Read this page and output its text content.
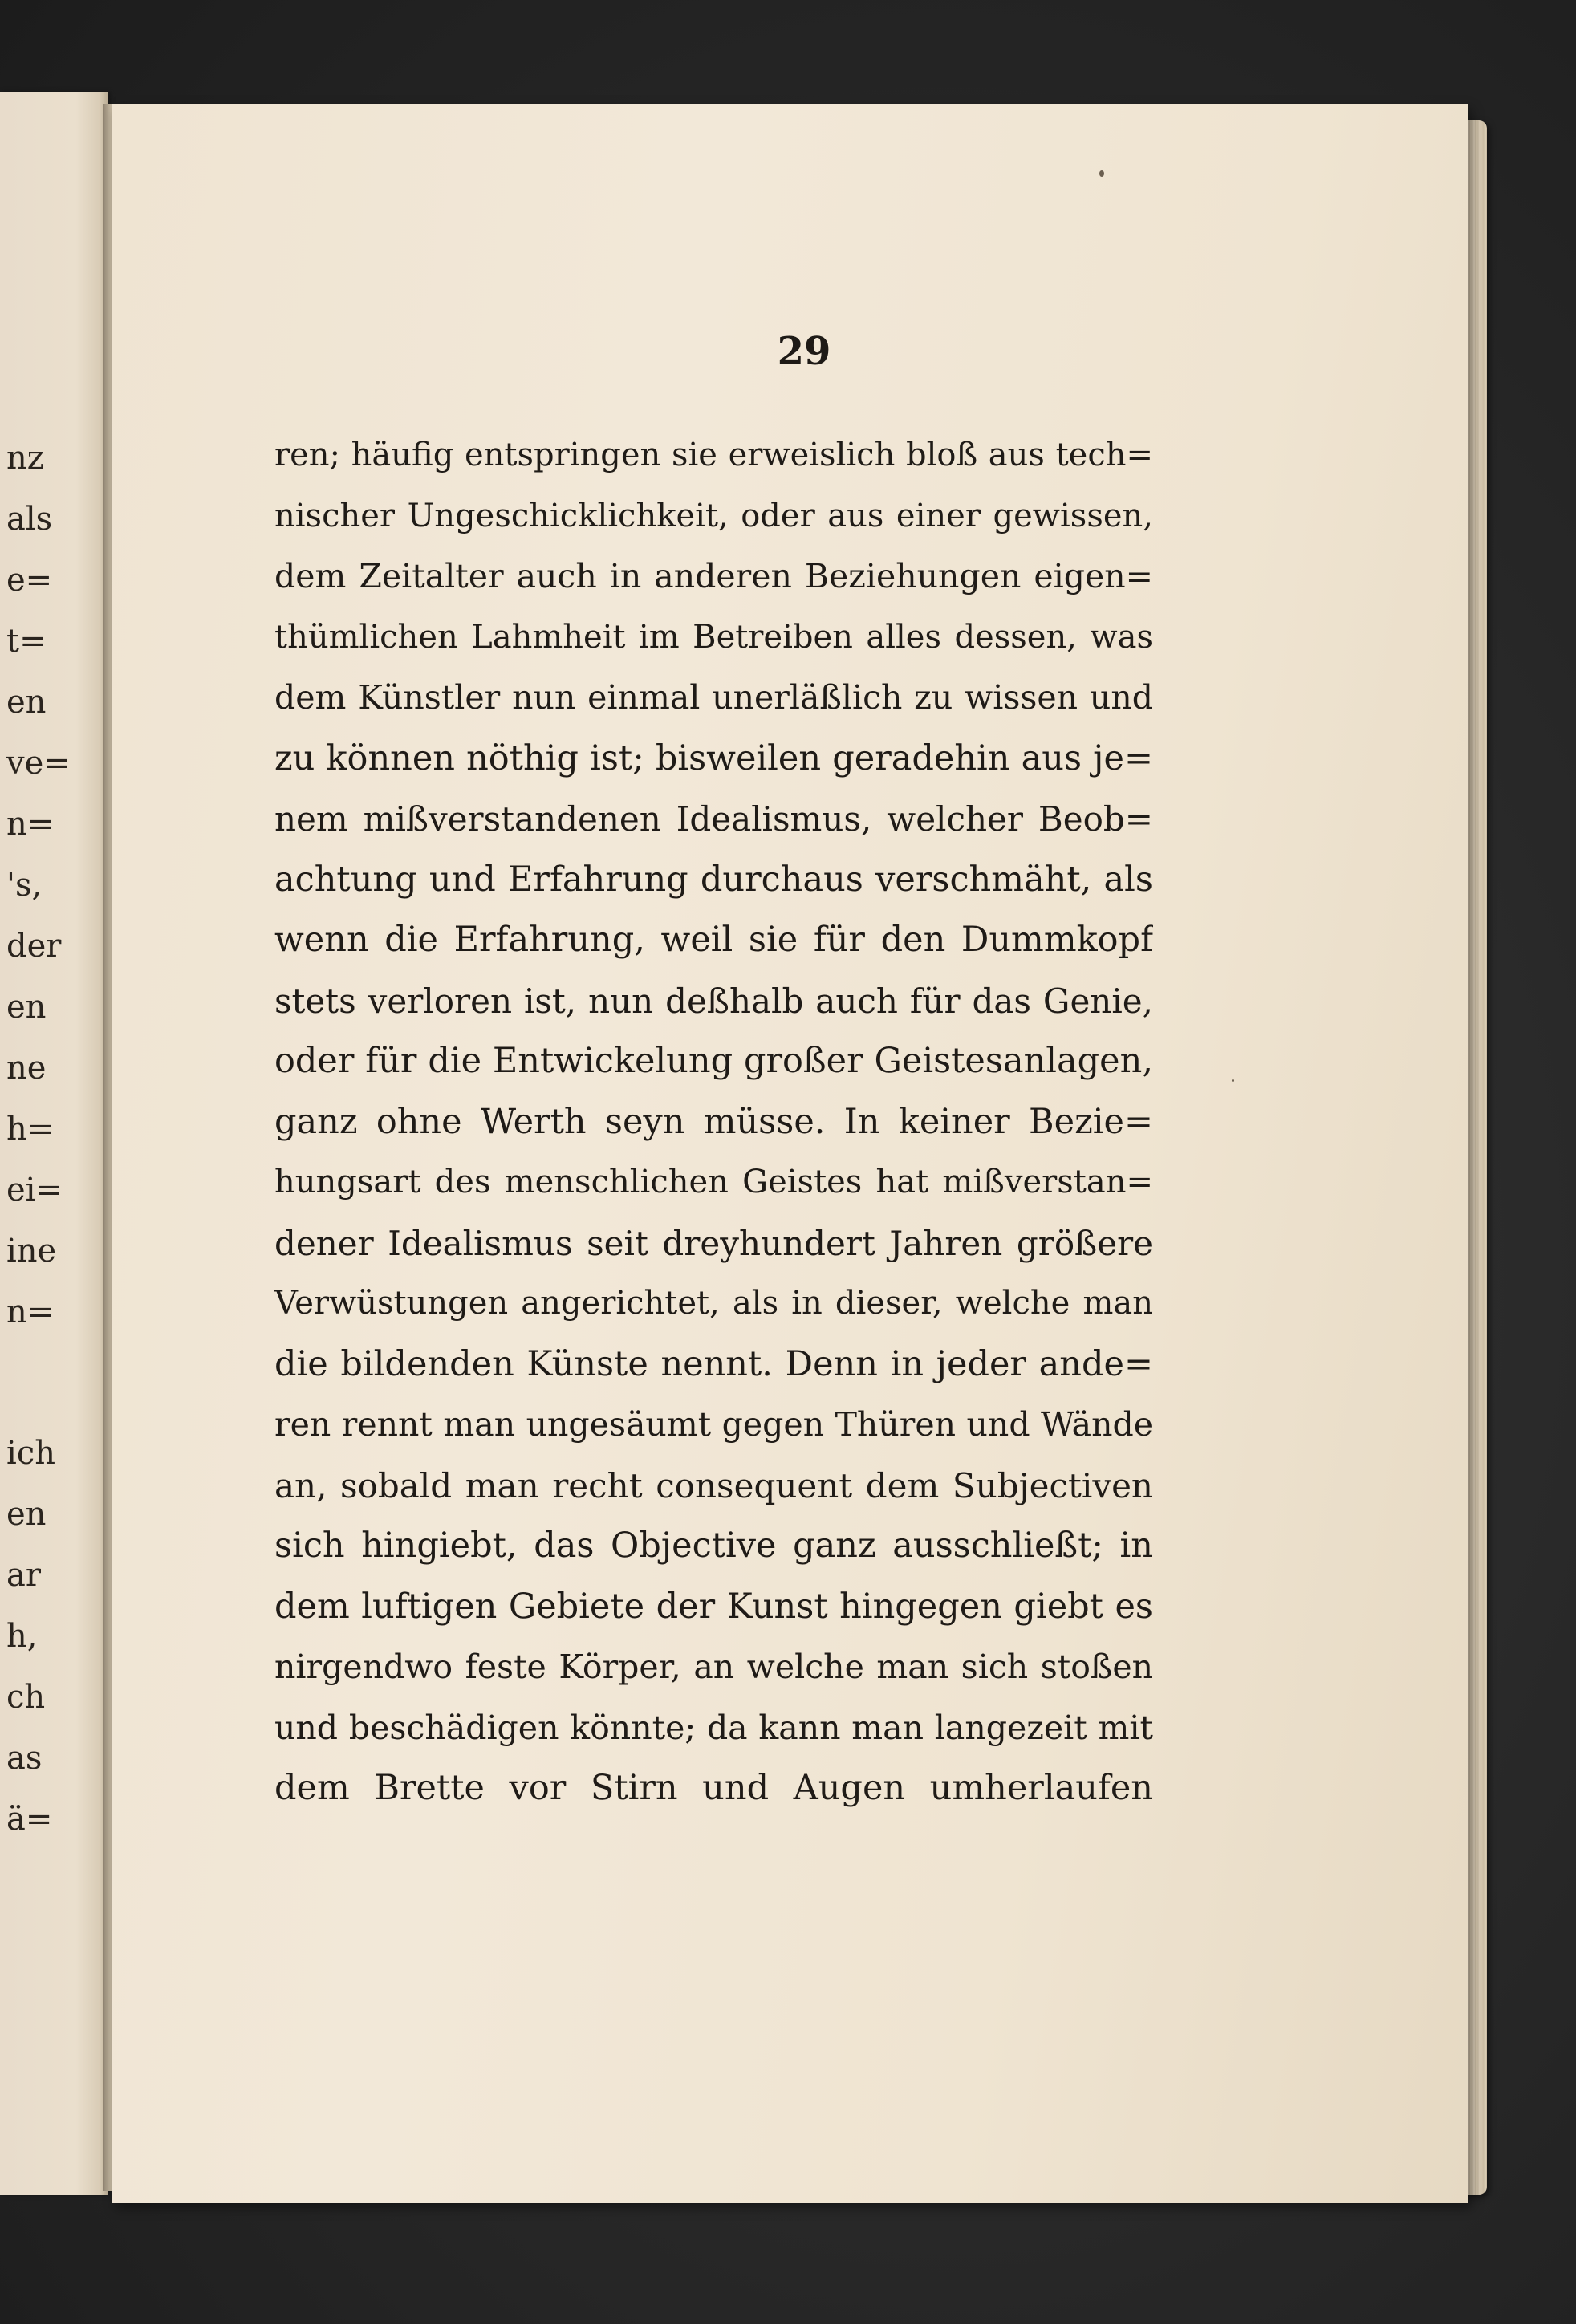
nz
als
e=
t=
en
ve=
n=
's,
der
en
ne
h=
ei=
ine
n=
ich
en
ar
h,
ch
as
ä=
29
ren; häufig entspringen sie erweislich bloß aus tech=
nischer Ungeschicklichkeit, oder aus einer gewissen,
dem Zeitalter auch in anderen Beziehungen eigen=
thümlichen Lahmheit im Betreiben alles dessen, was
dem Künstler nun einmal unerläßlich zu wissen und
zu können nöthig ist; bisweilen geradehin aus je=
nem mißverstandenen Idealismus, welcher Beob=
achtung und Erfahrung durchaus verschmäht, als
wenn die Erfahrung, weil sie für den Dummkopf
stets verloren ist, nun deßhalb auch für das Genie,
oder für die Entwickelung großer Geistesanlagen,
ganz ohne Werth seyn müsse. In keiner Bezie=
hungsart des menschlichen Geistes hat mißverstan=
dener Idealismus seit dreyhundert Jahren größere
Verwüstungen angerichtet, als in dieser, welche man
die bildenden Künste nennt. Denn in jeder ande=
ren rennt man ungesäumt gegen Thüren und Wände
an, sobald man recht consequent dem Subjectiven
sich hingiebt, das Objective ganz ausschließt; in
dem luftigen Gebiete der Kunst hingegen giebt es
nirgendwo feste Körper, an welche man sich stoßen
und beschädigen könnte; da kann man langezeit mit
dem Brette vor Stirn und Augen umherlaufen
